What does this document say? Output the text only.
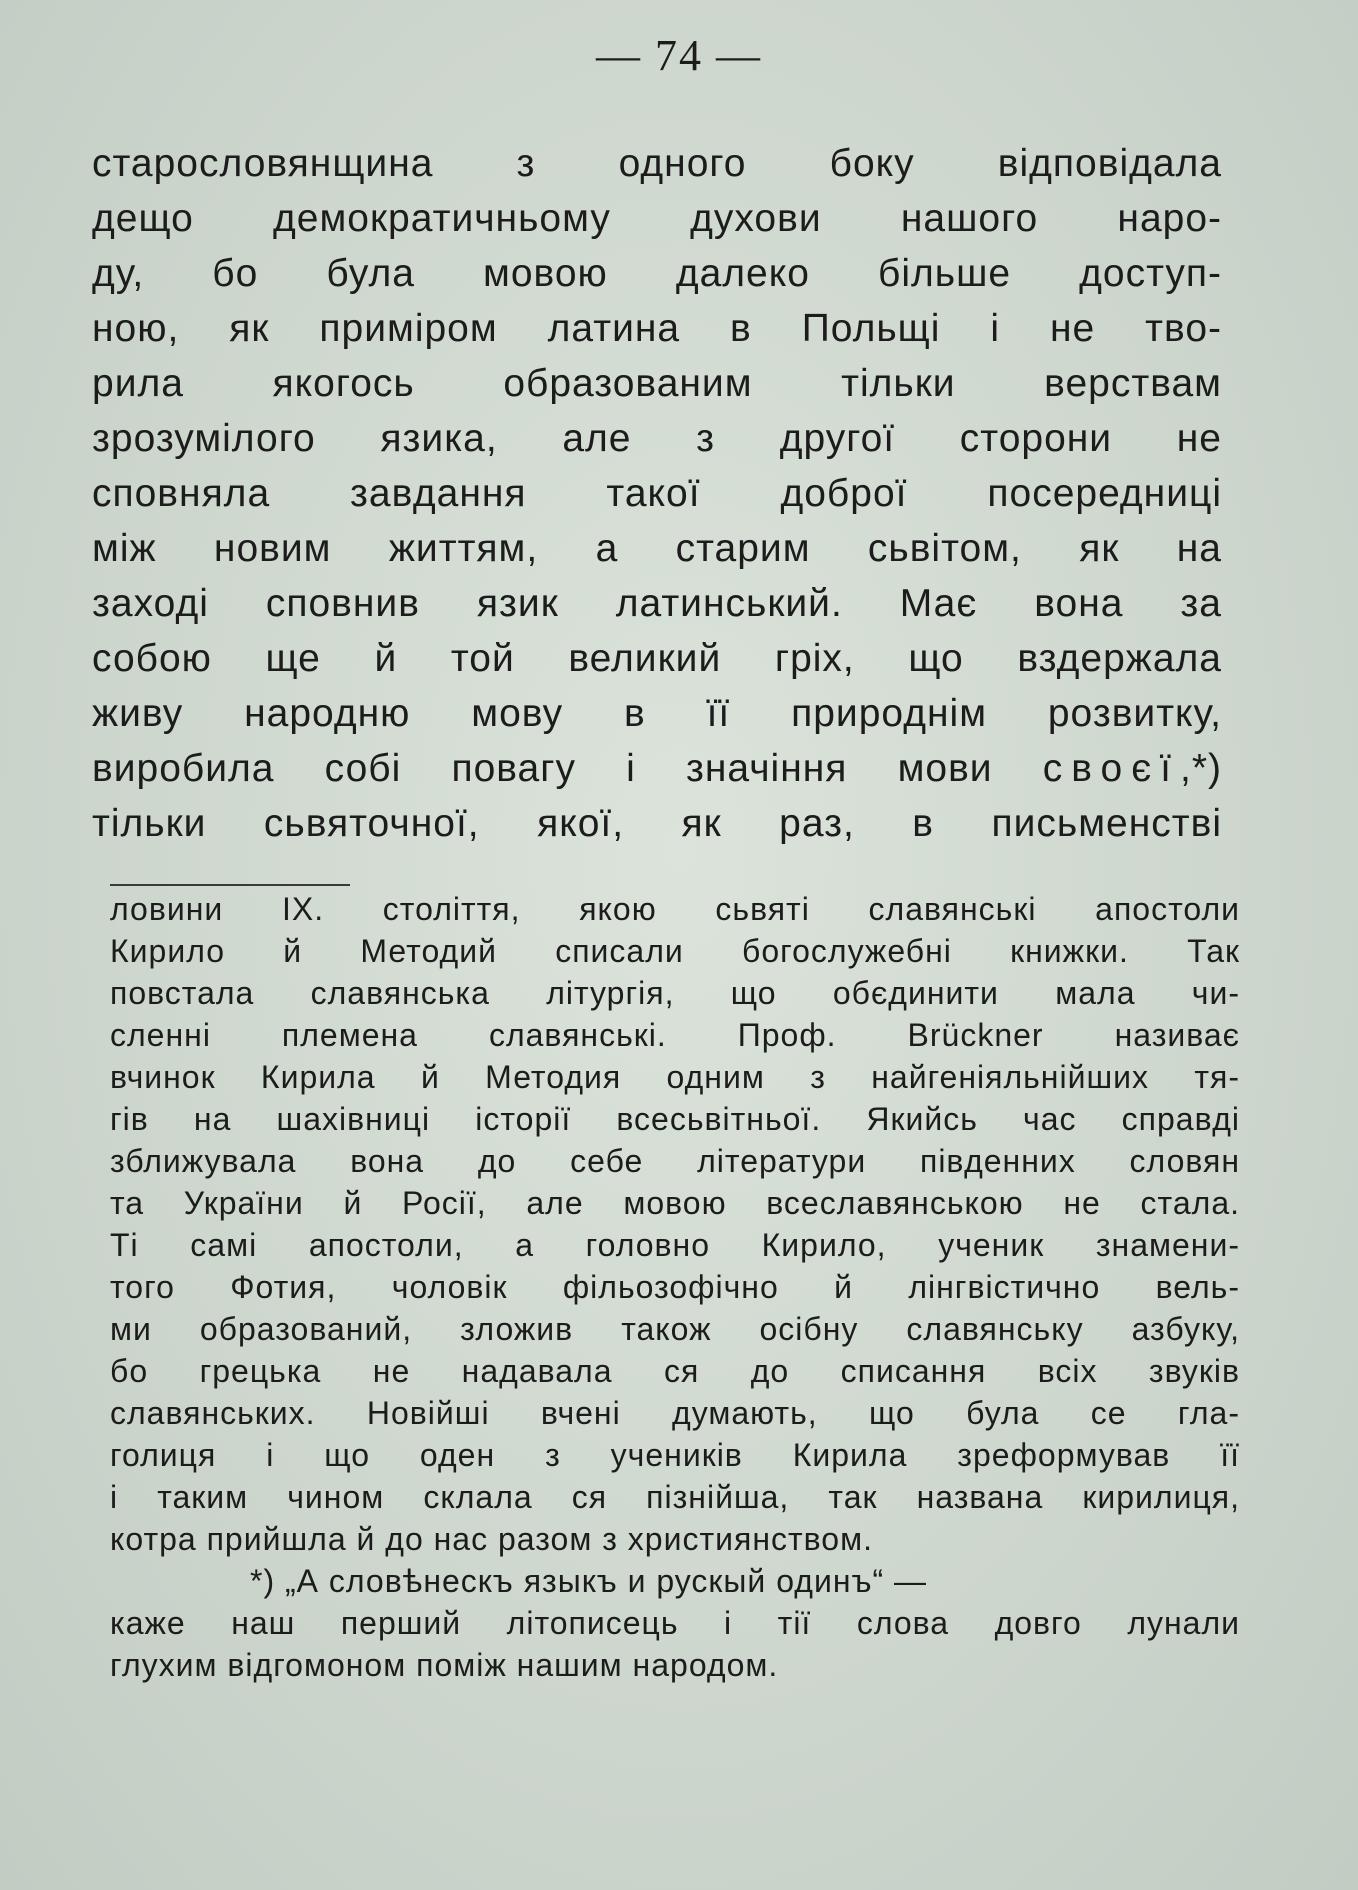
— 74 —
старословянщина з одного боку відповідала
дещо демократичньому духови нашого наро-
ду, бо була мовою далеко більше доступ-
ною, як примірoм латина в Польщі і не тво-
рила якогось образованим тільки верствам
зрозумілого язика, але з другої сторони не
сповняла завдання такої доброї посередниці
між новим життям, а старим сьвітом, як на
заході сповнив язик латинський. Має вона за
собою ще й той великий гріх, що вздержала
живу народню мову в її природнім розвитку,
виробила собі повагу і значіння мови своєї,*)
тільки сьвяточної, якої, як раз, в письменстві
ловини IX. століття, якою сьвяті славянські апостоли
Кирило й Методий списали богослужебні книжки. Так
повстала славянська літургія, що обєдинити мала чи-
сленні племена славянські. Проф. Brückner називає
вчинок Кирила й Методия одним з найгеніяльнійших тя-
гів на шахівниці історії всесьвітньої. Якийсь час справді
зближувала вона до себе літератури південних словян
та України й Росії, але мовою всеславянською не стала.
Ті самі апостоли, а головно Кирило, ученик знамени-
того Фотия, чоловік фільозофічно й лінгвістично вель-
ми образований, зложив також осібну славянську азбуку,
бо грецька не надавала ся до списання всіх звуків
славянських. Новійші вчені думають, що була се гла-
голиця і що оден з учеників Кирила зреформував її
і таким чином склала ся пізнійша, так названа кирилиця,
котра прийшла й до нас разом з християнством.
*) „А словѣнескъ языкъ и рускый одинъ“ —
каже наш перший літописець і тії слова довго лунали
глухим відгомоном поміж нашим народом.
